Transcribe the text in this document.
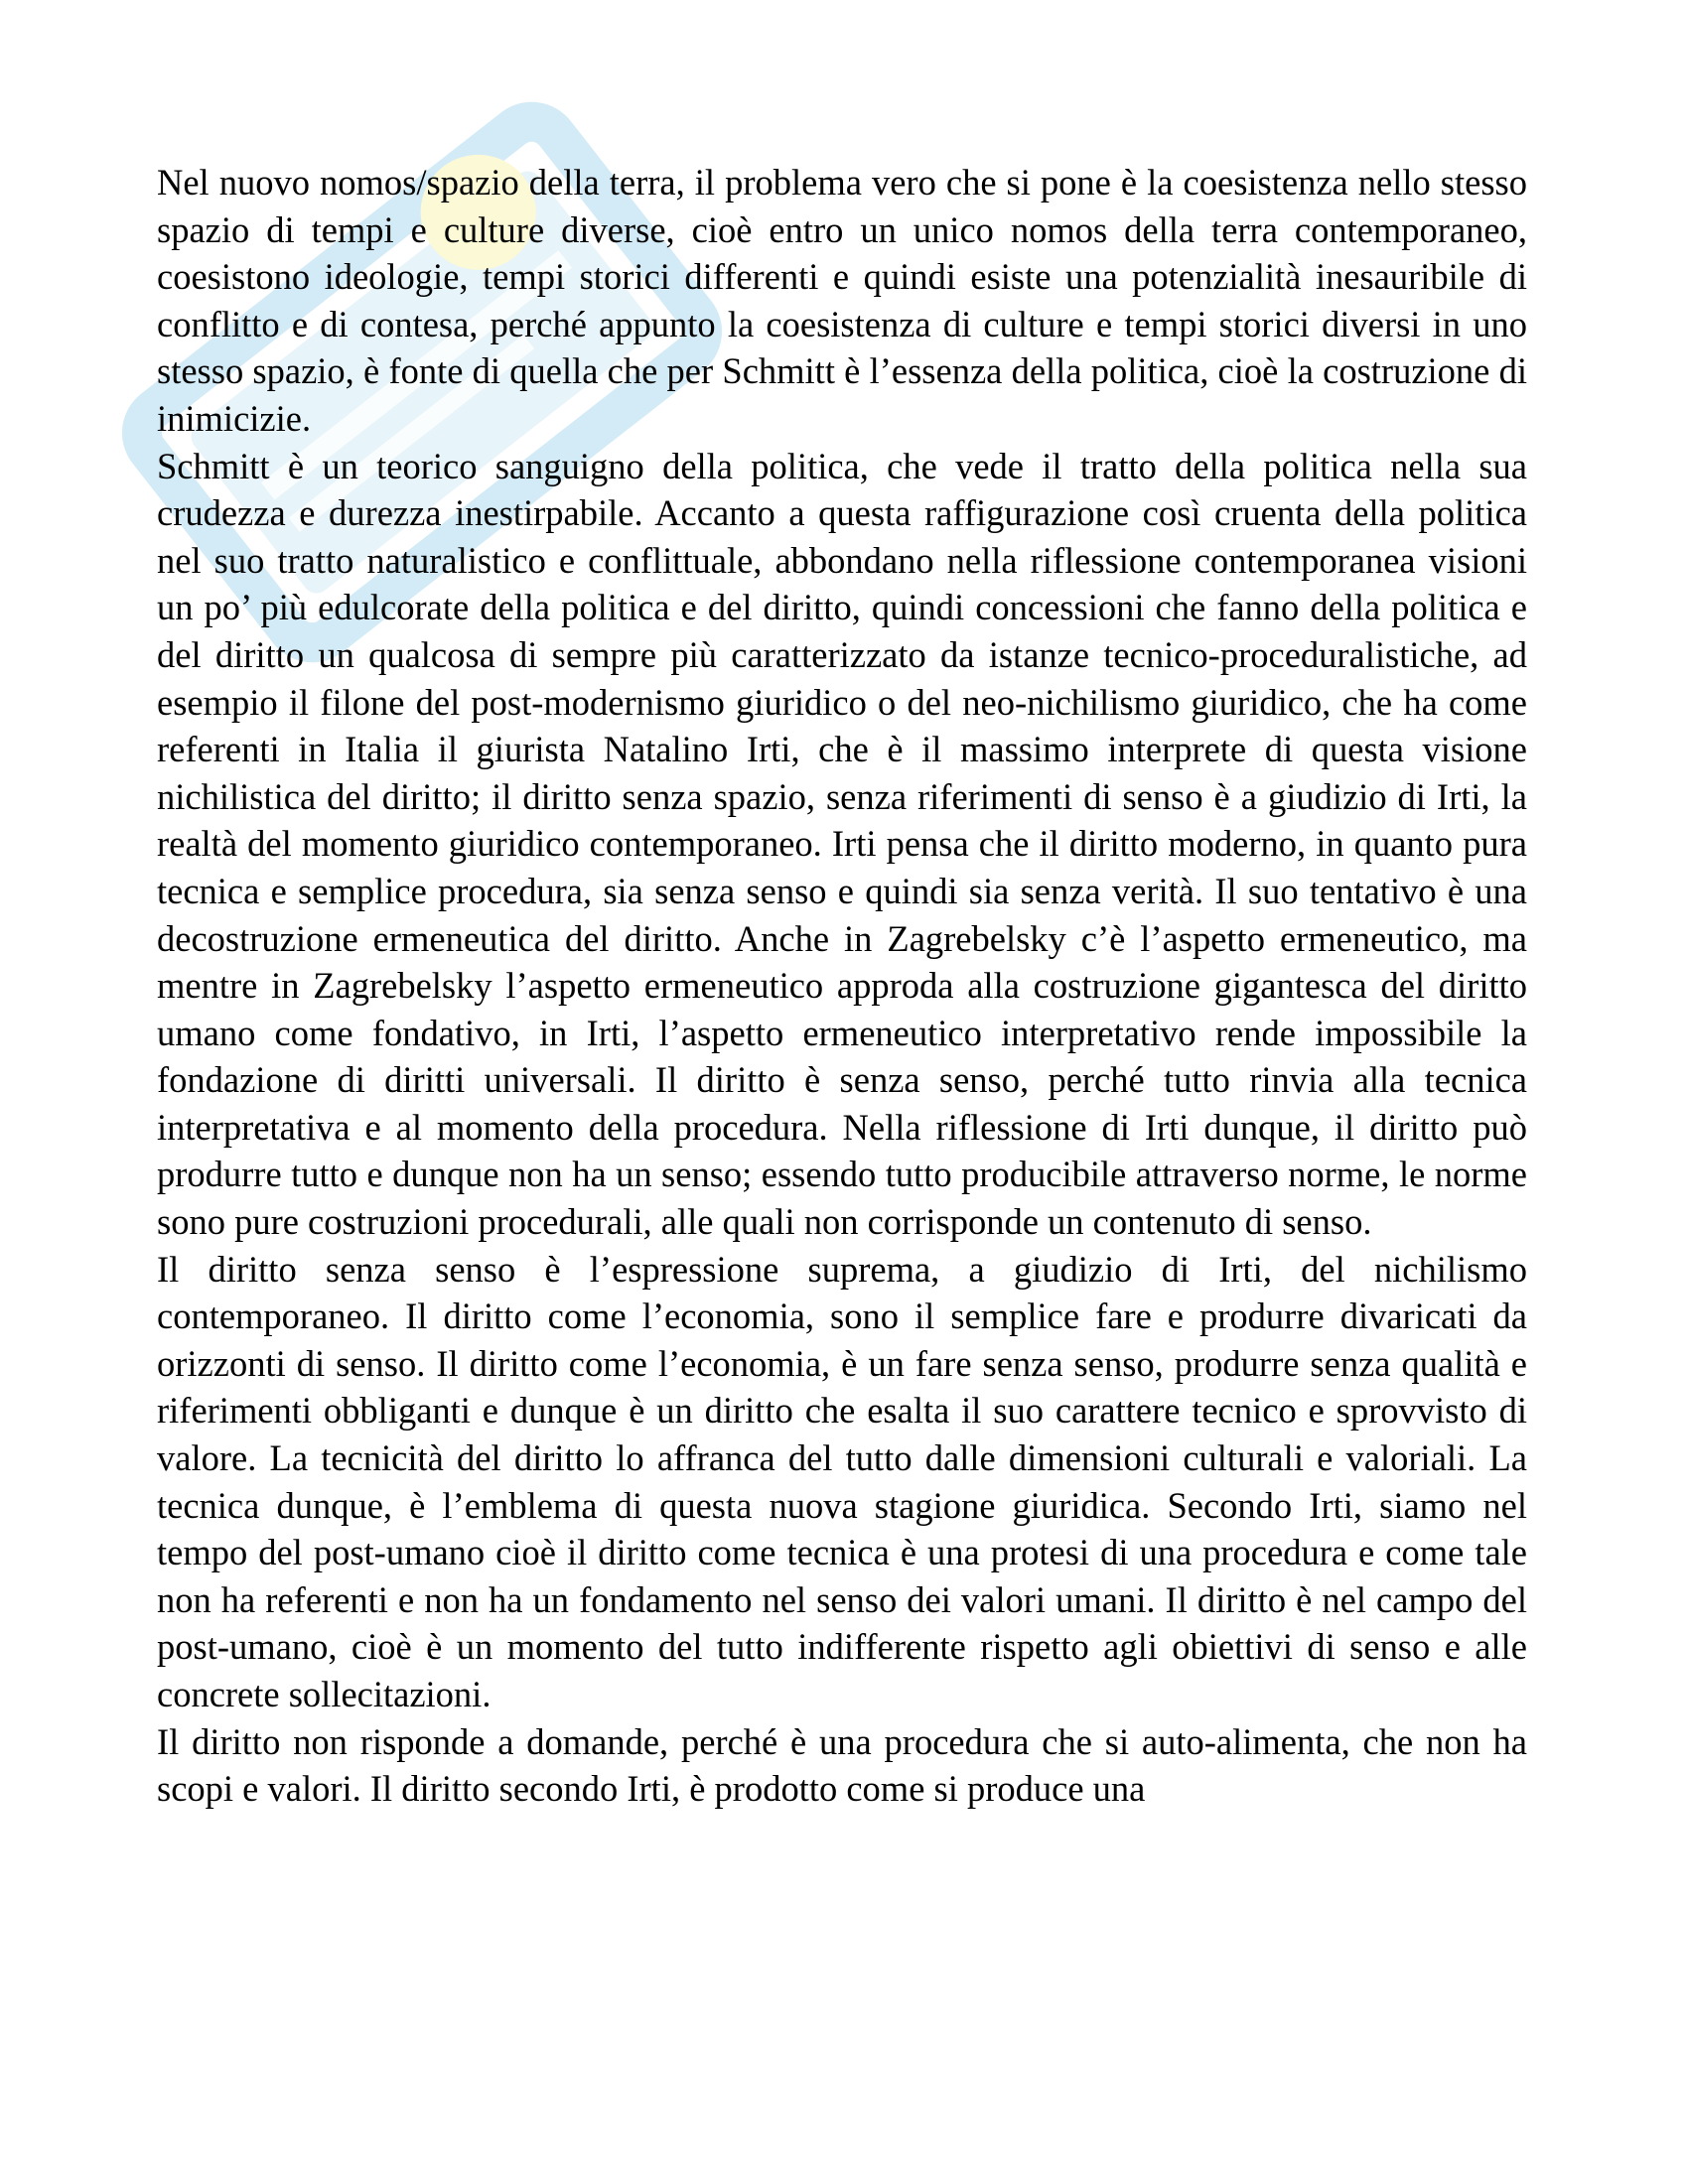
Nel nuovo nomos/spazio della terra, il problema vero che si pone è la coesistenza nello stesso spazio di tempi e culture diverse, cioè entro un unico nomos della terra contemporaneo, coesistono ideologie, tempi storici differenti e quindi esiste una potenzialità inesauribile di conflitto e di contesa, perché appunto la coesistenza di culture e tempi storici diversi in uno stesso spazio, è fonte di quella che per Schmitt è l’essenza della politica, cioè la costruzione di inimicizie.

Schmitt è un teorico sanguigno della politica, che vede il tratto della politica nella sua crudezza e durezza inestirpabile. Accanto a questa raffigurazione così cruenta della politica nel suo tratto naturalistico e conflittuale, abbondano nella riflessione contemporanea visioni un po’ più edulcorate della politica e del diritto, quindi concessioni che fanno della politica e del diritto un qualcosa di sempre più caratterizzato da istanze tecnico-proceduralistiche, ad esempio il filone del post-modernismo giuridico o del neo-nichilismo giuridico, che ha come referenti in Italia il giurista Natalino Irti, che è il massimo interprete di questa visione nichilistica del diritto; il diritto senza spazio, senza riferimenti di senso è a giudizio di Irti, la realtà del momento giuridico contemporaneo. Irti pensa che il diritto moderno, in quanto pura tecnica e semplice procedura, sia senza senso e quindi sia senza verità. Il suo tentativo è una decostruzione ermeneutica del diritto. Anche in Zagrebelsky c’è l’aspetto ermeneutico, ma mentre in Zagrebelsky l’aspetto ermeneutico approda alla costruzione gigantesca del diritto umano come fondativo, in Irti, l’aspetto ermeneutico interpretativo rende impossibile la fondazione di diritti universali. Il diritto è senza senso, perché tutto rinvia alla tecnica interpretativa e al momento della procedura. Nella riflessione di Irti dunque, il diritto può produrre tutto e dunque non ha un senso; essendo tutto producibile attraverso norme, le norme sono pure costruzioni procedurali, alle quali non corrisponde un contenuto di senso.

Il diritto senza senso è l’espressione suprema, a giudizio di Irti, del nichilismo contemporaneo. Il diritto come l’economia, sono il semplice fare e produrre divaricati da orizzonti di senso. Il diritto come l’economia, è un fare senza senso, produrre senza qualità e riferimenti obbliganti e dunque è un diritto che esalta il suo carattere tecnico e sprovvisto di valore. La tecnicità del diritto lo affranca del tutto dalle dimensioni culturali e valoriali. La tecnica dunque, è l’emblema di questa nuova stagione giuridica. Secondo Irti, siamo nel tempo del post-umano cioè il diritto come tecnica è una protesi di una procedura e come tale non ha referenti e non ha un fondamento nel senso dei valori umani. Il diritto è nel campo del post-umano, cioè è un momento del tutto indifferente rispetto agli obiettivi di senso e alle concrete sollecitazioni.

Il diritto non risponde a domande, perché è una procedura che si auto-alimenta, che non ha scopi e valori. Il diritto secondo Irti, è prodotto come si produce una
